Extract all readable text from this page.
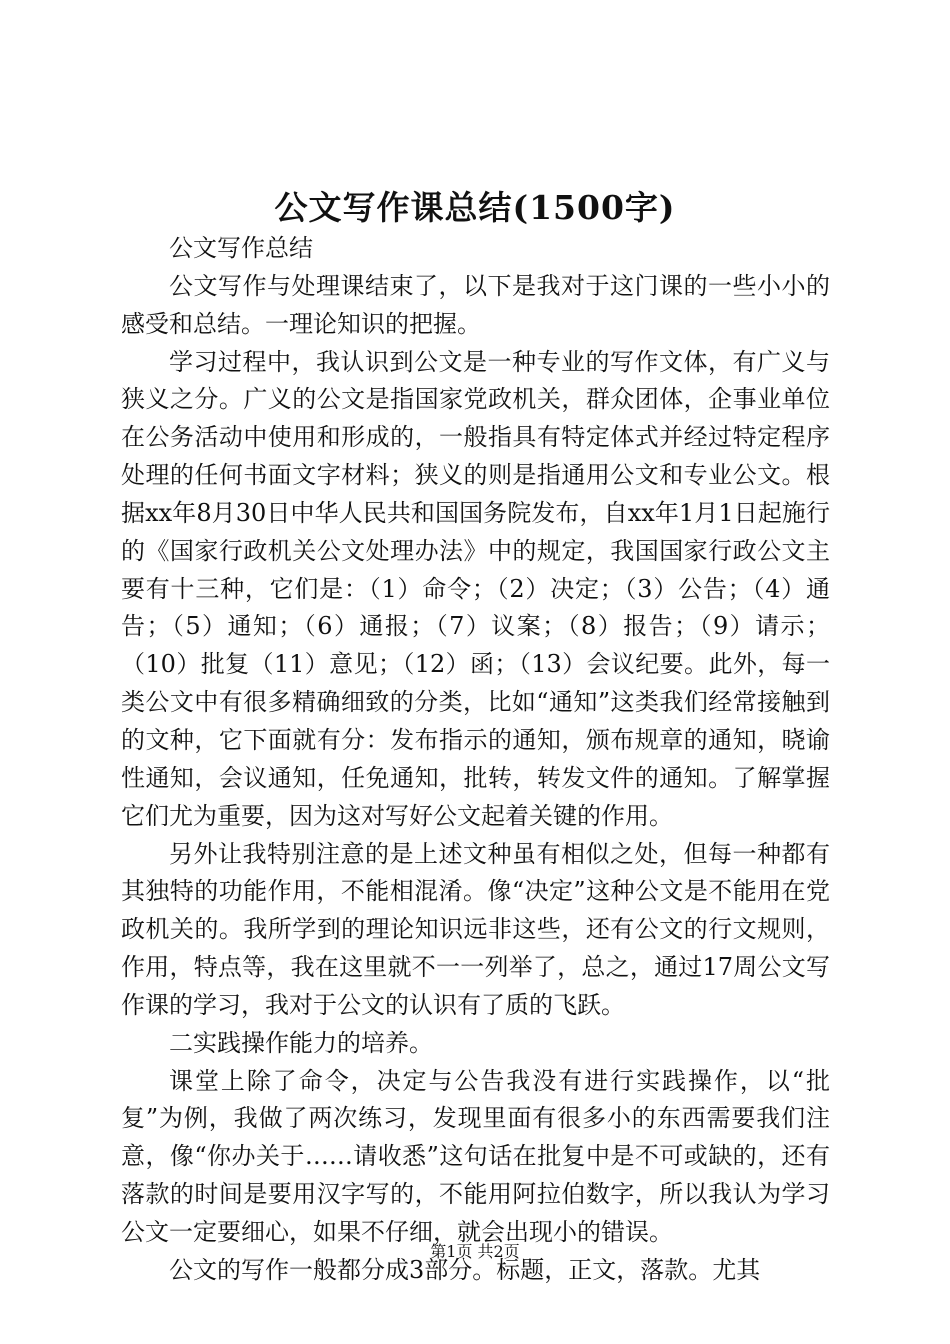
公文写作课总结(1500字)

公文写作总结

公文写作与处理课结束了，以下是我对于这门课的一些小小的感受和总结。一理论知识的把握。

学习过程中，我认识到公文是一种专业的写作文体，有广义与狭义之分。广义的公文是指国家党政机关，群众团体，企事业单位在公务活动中使用和形成的，一般指具有特定体式并经过特定程序处理的任何书面文字材料；狭义的则是指通用公文和专业公文。根据xx年8月30日中华人民共和国国务院发布，自xx年1月1日起施行的《国家行政机关公文处理办法》中的规定，我国国家行政公文主要有十三种，它们是：（1）命令；（2）决定；（3）公告；（4）通告；（5）通知；（6）通报；（7）议案；（8）报告；（9）请示；（10）批复（11）意见；（12）函；（13）会议纪要。此外，每一类公文中有很多精确细致的分类，比如“通知”这类我们经常接触到的文种，它下面就有分：发布指示的通知，颁布规章的通知，晓谕性通知，会议通知，任免通知，批转，转发文件的通知。了解掌握它们尤为重要，因为这对写好公文起着关键的作用。

另外让我特别注意的是上述文种虽有相似之处，但每一种都有其独特的功能作用，不能相混淆。像“决定”这种公文是不能用在党政机关的。我所学到的理论知识远非这些，还有公文的行文规则，作用，特点等，我在这里就不一一列举了，总之，通过17周公文写作课的学习，我对于公文的认识有了质的飞跃。

二实践操作能力的培养。

课堂上除了命令，决定与公告我没有进行实践操作，以“批复”为例，我做了两次练习，发现里面有很多小的东西需要我们注意，像“你办关于……请收悉”这句话在批复中是不可或缺的，还有落款的时间是要用汉字写的，不能用阿拉伯数字，所以我认为学习公文一定要细心，如果不仔细，就会出现小的错误。

公文的写作一般都分成3部分。标题，正文，落款。尤其

第1页 共2页
